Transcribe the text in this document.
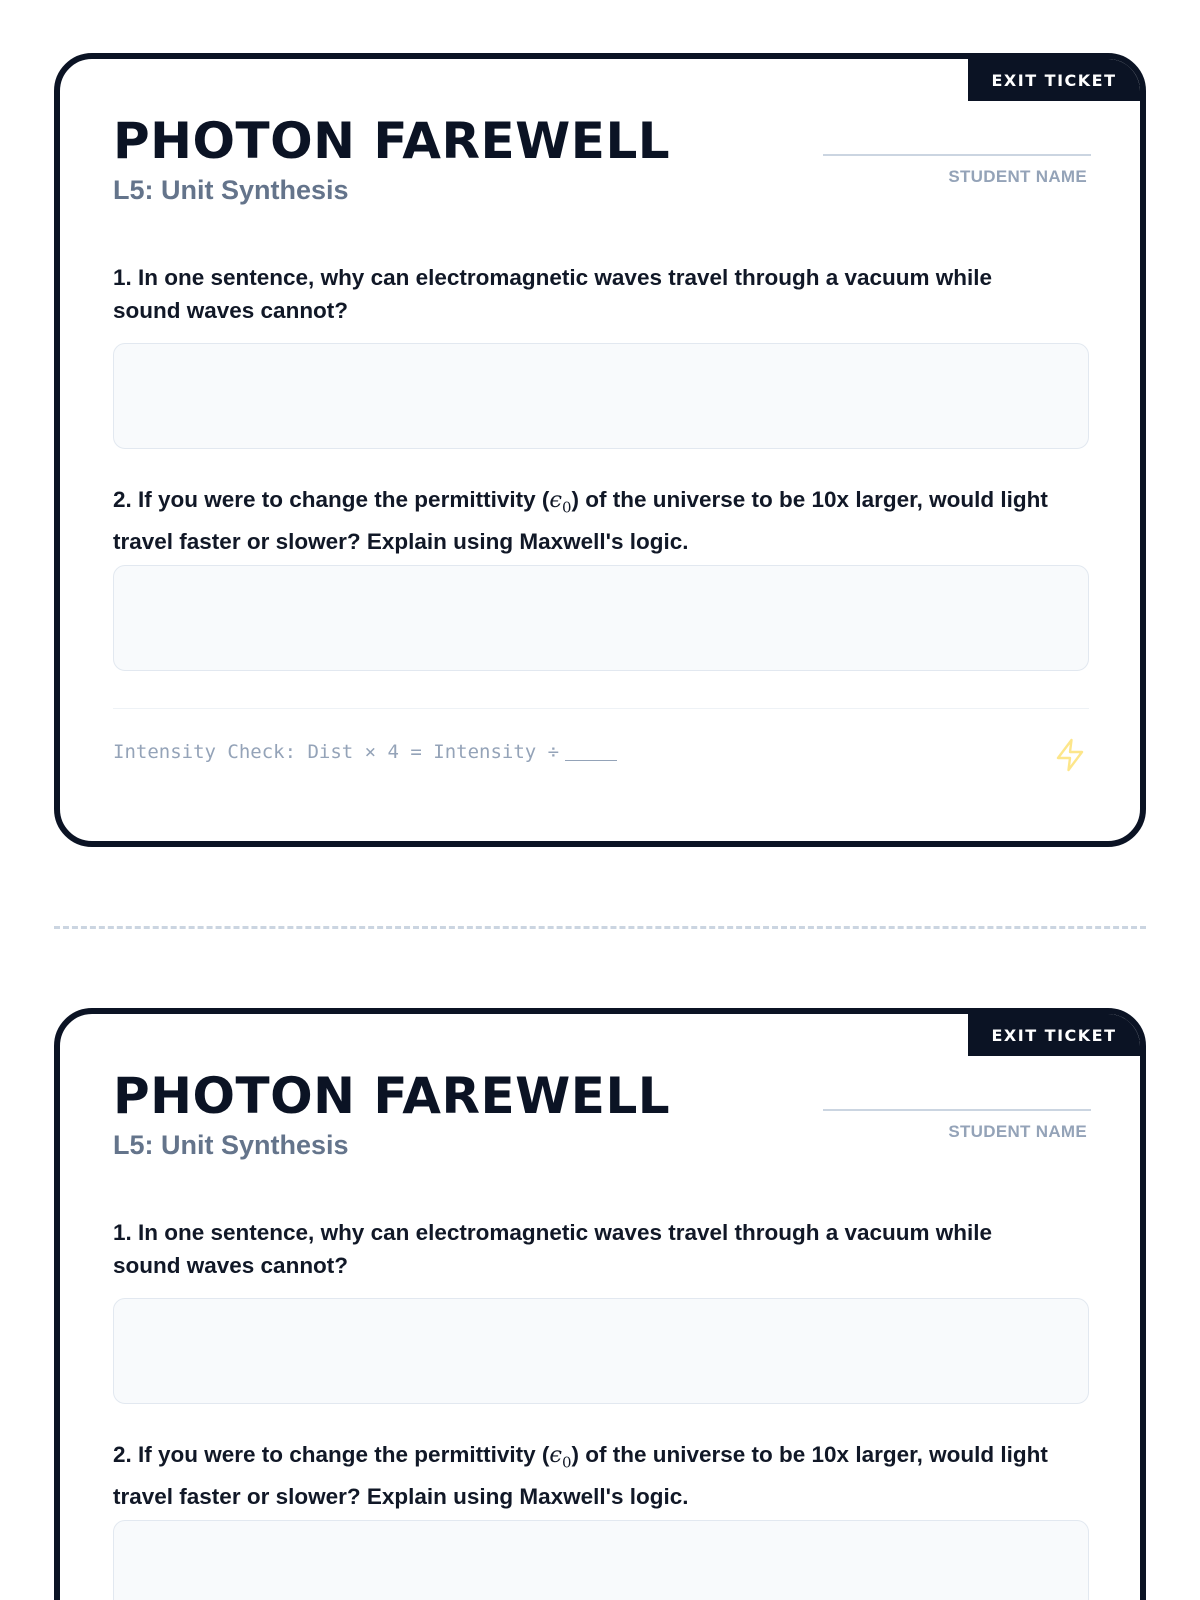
EXIT TICKET
PHOTON FAREWELL
L5: Unit Synthesis	STUDENT NAME
1. In one sentence, why can electromagnetic waves travel through a vacuum while sound waves cannot?
2. If you were to change the permittivity $(\epsilon_0)$ of the universe to be 10x larger, would light travel faster or slower? Explain using Maxwell's logic.
Intensity Check: Dist × 4 = Intensity ÷
EXIT TICKET
PHOTON FAREWELL
L5: Unit Synthesis	STUDENT NAME
1. In one sentence, why can electromagnetic waves travel through a vacuum while sound waves cannot?
2. If you were to change the permittivity $(\epsilon_0)$ of the universe to be 10x larger, would light travel faster or slower? Explain using Maxwell's logic.
